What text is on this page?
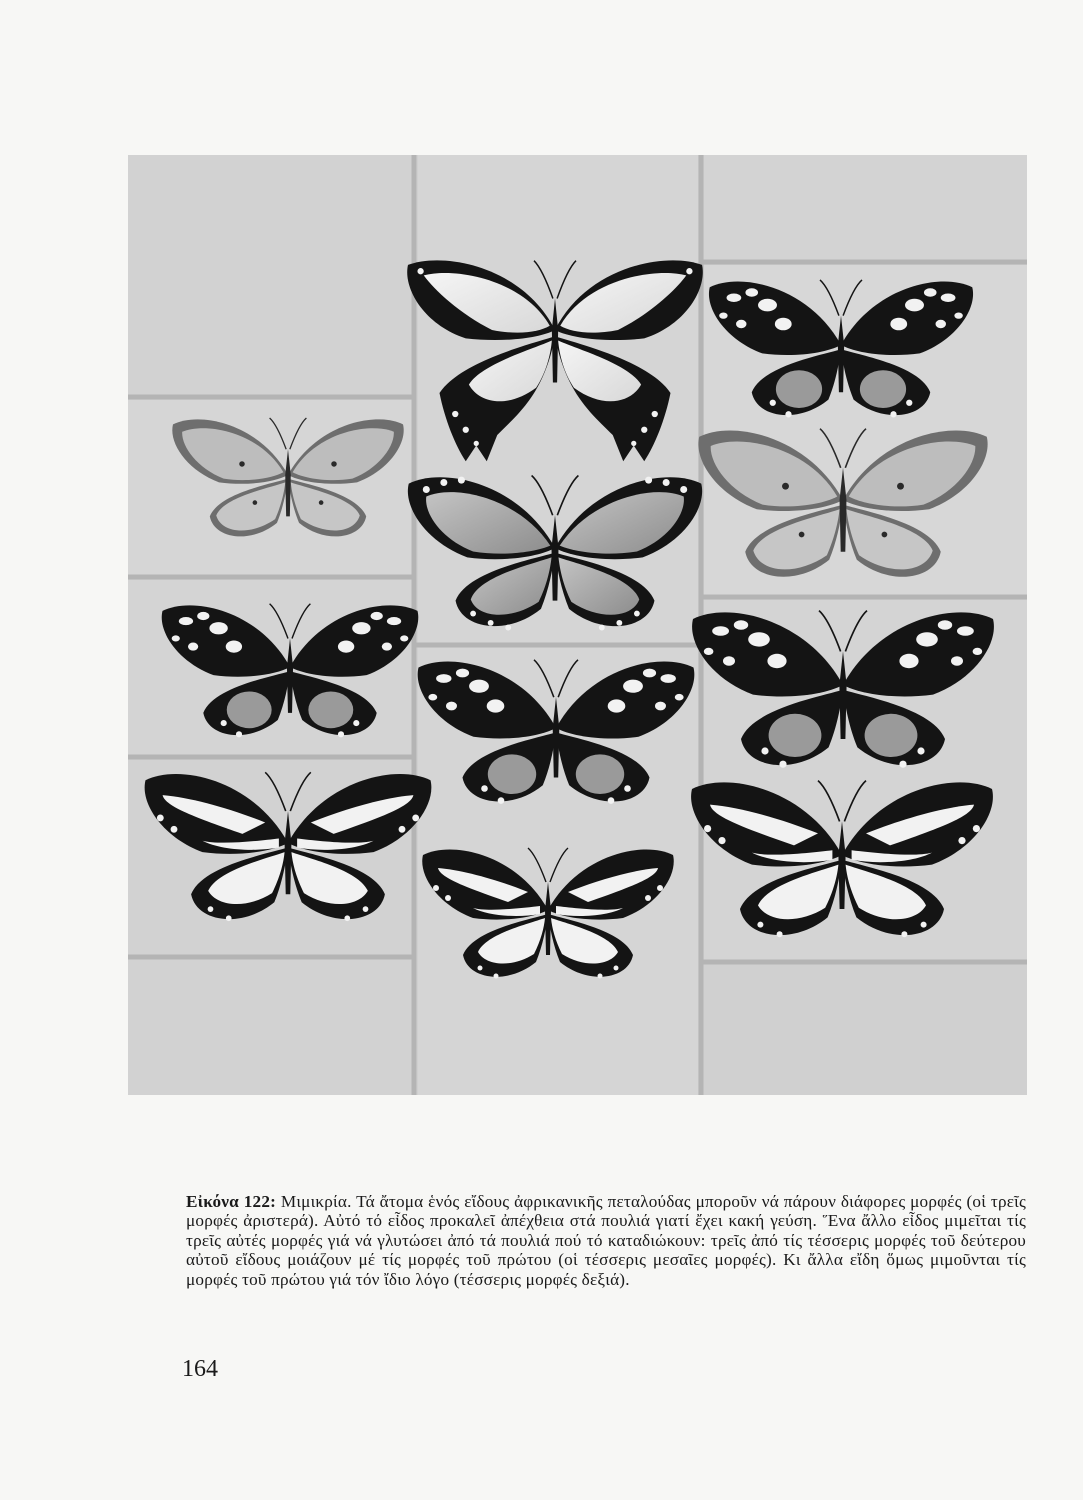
Εἰκόνα 122: Μιμικρία. Τά ἄτομα ἑνός εἴδους ἀφρικανικῆς πεταλούδας μποροῦν νά πάρουν διάφορες μορφές (οἱ τρεῖς μορφές ἀριστερά). Αὐτό τό εἶδος προκαλεῖ ἀπέχθεια στά πουλιά γιατί ἔχει κακή γεύση. Ἕνα ἄλλο εἶδος μιμεῖται τίς τρεῖς αὐτές μορφές γιά νά γλυτώσει ἀπό τά πουλιά πού τό καταδιώκουν: τρεῖς ἀπό τίς τέσσερις μορφές τοῦ δεύτερου αὐτοῦ εἴδους μοιάζουν μέ τίς μορφές τοῦ πρώτου (οἱ τέσσερις μεσαῖες μορφές). Κι ἄλλα εἴδη ὅμως μιμοῦνται τίς μορφές τοῦ πρώτου γιά τόν ἴδιο λόγο (τέσσερις μορφές δεξιά).
164
